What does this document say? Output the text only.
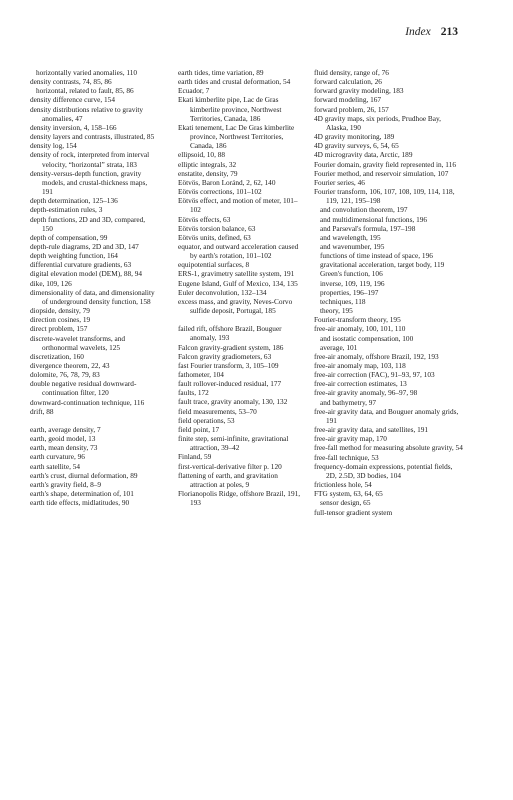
Index 213
horizontally varied anomalies, 110
density contrasts, 74, 85, 86
horizontal, related to fault, 85, 86
density difference curve, 154
density distributions relative to gravity anomalies, 47
density inversion, 4, 158–166
density layers and contrasts, illustrated, 85
density log, 154
density of rock, interpreted from interval velocity, “horizontal” strata, 183
density-versus-depth function, gravity models, and crustal-thickness maps, 191
depth determination, 125–136
depth-estimation rules, 3
depth functions, 2D and 3D, compared, 150
depth of compensation, 99
depth-rule diagrams, 2D and 3D, 147
depth weighting function, 164
differential curvature gradients, 63
digital elevation model (DEM), 88, 94
dike, 109, 126
dimensionality of data, and dimensionality of underground density function, 158
diopside, density, 79
direction cosines, 19
direct problem, 157
discrete-wavelet transforms, and orthonormal wavelets, 125
discretization, 160
divergence theorem, 22, 43
dolomite, 76, 78, 79, 83
double negative residual downward-continuation filter, 120
downward-continuation technique, 116
drift, 88
earth, average density, 7
earth, geoid model, 13
earth, mean density, 73
earth curvature, 96
earth satellite, 54
earth's crust, diurnal deformation, 89
earth's gravity field, 8–9
earth's shape, determination of, 101
earth tide effects, midlatitudes, 90
earth tides, time variation, 89
earth tides and crustal deformation, 54
Ecuador, 7
Ekati kimberlite pipe, Lac de Gras kimberlite province, Northwest Territories, Canada, 186
Ekati tenement, Lac De Gras kimberlite province, Northwest Territories, Canada, 186
ellipsoid, 10, 88
elliptic integrals, 32
enstatite, density, 79
Eötvös, Baron Loránd, 2, 62, 140
Eötvös corrections, 101–102
Eötvös effect, and motion of meter, 101–102
Eötvös effects, 63
Eötvös torsion balance, 63
Eötvös units, defined, 63
equator, and outward acceleration caused by earth's rotation, 101–102
equipotential surfaces, 8
ERS-1, gravimetry satellite system, 191
Eugene Island, Gulf of Mexico, 134, 135
Euler deconvolution, 132–134
excess mass, and gravity, Neves-Corvo sulfide deposit, Portugal, 185
failed rift, offshore Brazil, Bouguer anomaly, 193
Falcon gravity-gradient system, 186
Falcon gravity gradiometers, 63
fast Fourier transform, 3, 105–109
fathometer, 104
fault rollover-induced residual, 177
faults, 172
fault trace, gravity anomaly, 130, 132
field measurements, 53–70
field operations, 53
field point, 17
finite step, semi-infinite, gravitational attraction, 39–42
Finland, 59
first-vertical-derivative filter p. 120
flattening of earth, and gravitation attraction at poles, 9
Florianopolis Ridge, offshore Brazil, 191, 193
fluid density, range of, 76
forward calculation, 26
forward gravity modeling, 183
forward modeling, 167
forward problem, 26, 157
4D gravity maps, six periods, Prudhoe Bay, Alaska, 190
4D gravity monitoring, 189
4D gravity surveys, 6, 54, 65
4D microgravity data, Arctic, 189
Fourier domain, gravity field represented in, 116
Fourier method, and reservoir simulation, 107
Fourier series, 46
Fourier transform, 106, 107, 108, 109, 114, 118, 119, 121, 195–198
and convolution theorem, 197
and multidimensional functions, 196
and Parseval's formula, 197–198
and wavelength, 195
and wavenumber, 195
functions of time instead of space, 196
gravitational acceleration, target body, 119
Green's function, 106
inverse, 109, 119, 196
properties, 196–197
techniques, 118
theory, 195
Fourier-transform theory, 195
free-air anomaly, 100, 101, 110
and isostatic compensation, 100
average, 101
free-air anomaly, offshore Brazil, 192, 193
free-air anomaly map, 103, 118
free-air correction (FAC), 91–93, 97, 103
free-air correction estimates, 13
free-air gravity anomaly, 96–97, 98
and bathymetry, 97
free-air gravity data, and Bouguer anomaly grids, 191
free-air gravity data, and satellites, 191
free-air gravity map, 170
free-fall method for measuring absolute gravity, 54
free-fall technique, 53
frequency-domain expressions, potential fields, 2D, 2.5D, 3D bodies, 104
frictionless hole, 54
FTG system, 63, 64, 65
sensor design, 65
full-tensor gradient system
